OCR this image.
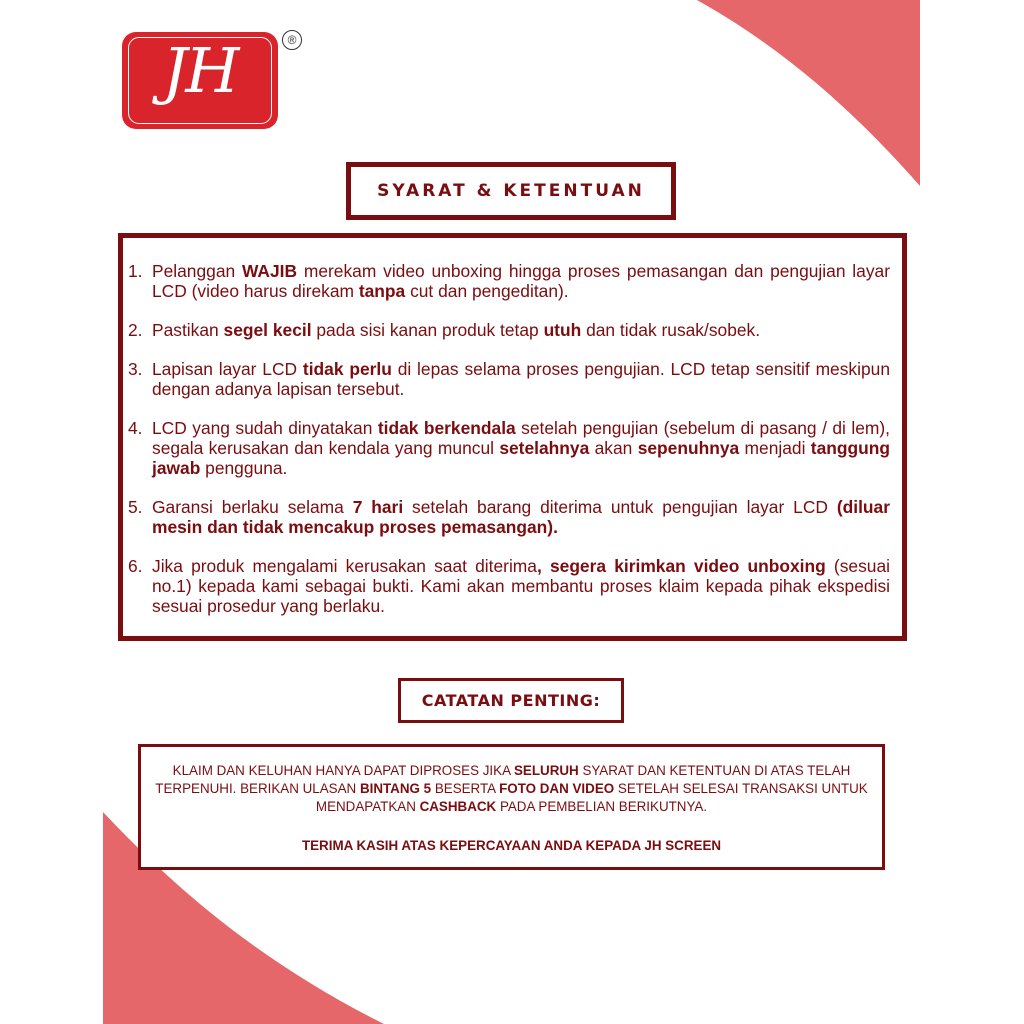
JH	®
SYARAT & KETENTUAN
1. Pelanggan WAJIB merekam video unboxing hingga proses pemasangan dan pengujian layar LCD (video harus direkam tanpa cut dan pengeditan).
2. Pastikan segel kecil pada sisi kanan produk tetap utuh dan tidak rusak/sobek.
3. Lapisan layar LCD tidak perlu di lepas selama proses pengujian. LCD tetap sensitif meskipun dengan adanya lapisan tersebut.
4. LCD yang sudah dinyatakan tidak berkendala setelah pengujian (sebelum di pasang / di lem), segala kerusakan dan kendala yang muncul setelahnya akan sepenuhnya menjadi tanggung jawab pengguna.
5. Garansi berlaku selama 7 hari setelah barang diterima untuk pengujian layar LCD (diluar mesin dan tidak mencakup proses pemasangan).
6. Jika produk mengalami kerusakan saat diterima, segera kirimkan video unboxing (sesuai no.1) kepada kami sebagai bukti. Kami akan membantu proses klaim kepada pihak ekspedisi sesuai prosedur yang berlaku.
CATATAN PENTING:
KLAIM DAN KELUHAN HANYA DAPAT DIPROSES JIKA SELURUH SYARAT DAN KETENTUAN DI ATAS TELAH TERPENUHI. BERIKAN ULASAN BINTANG 5 BESERTA FOTO DAN VIDEO SETELAH SELESAI TRANSAKSI UNTUK MENDAPATKAN CASHBACK PADA PEMBELIAN BERIKUTNYA.
TERIMA KASIH ATAS KEPERCAYAAN ANDA KEPADA JH SCREEN
